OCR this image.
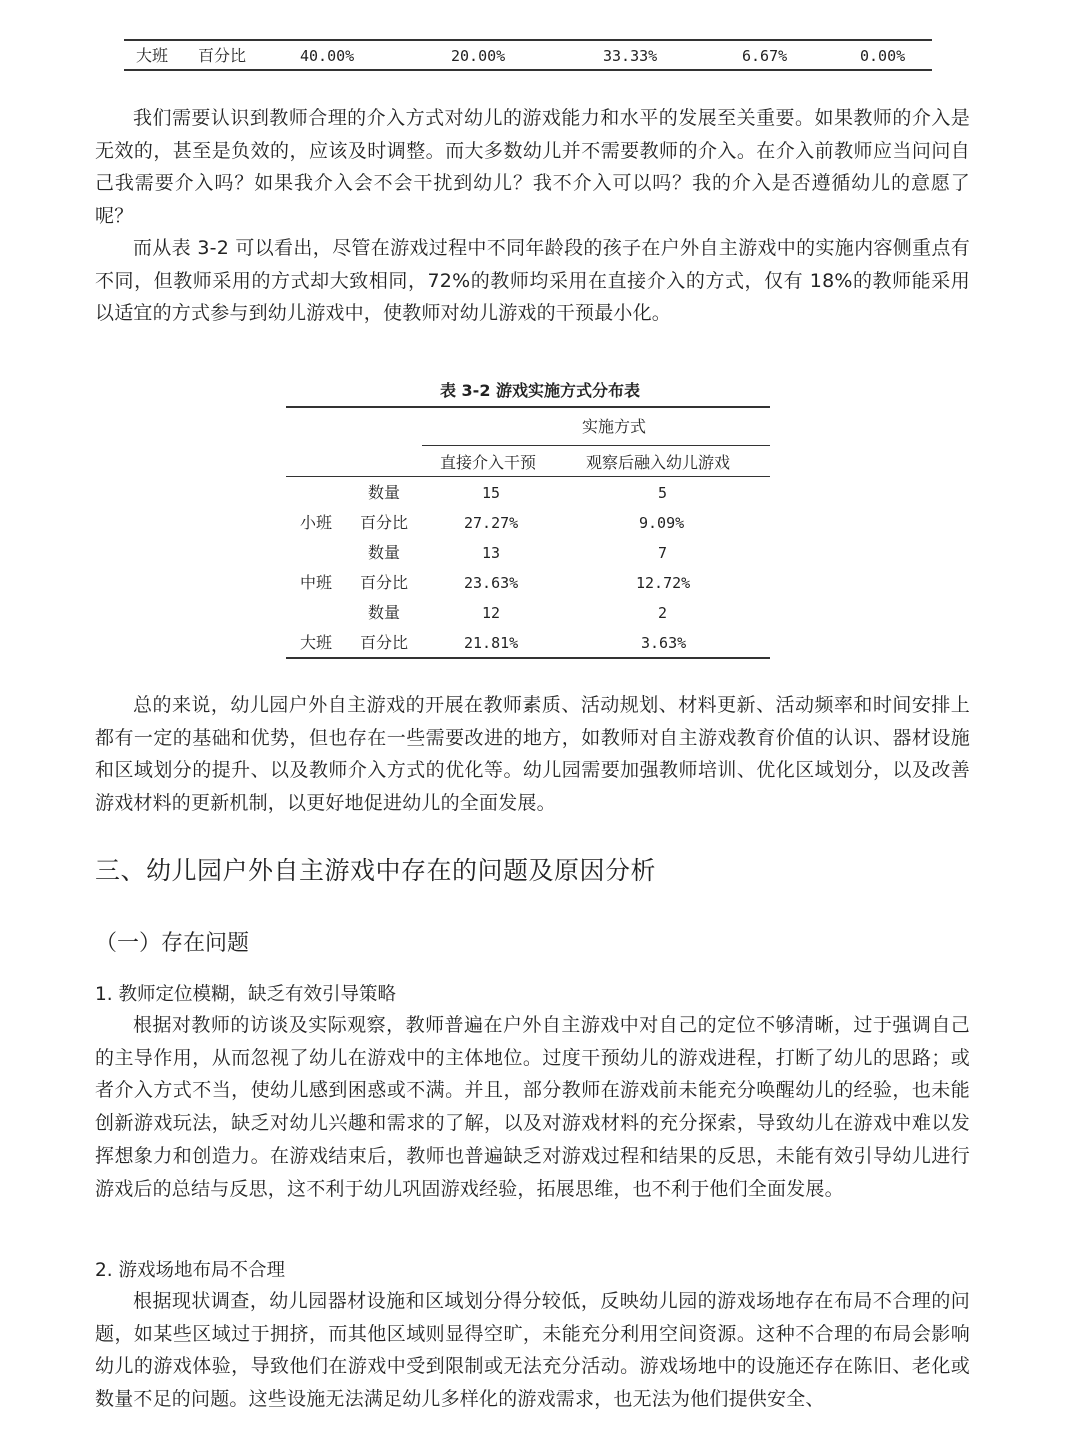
大班 百分比	40.00%	20.00%	33.33%	6.67%	0.00%

我们需要认识到教师合理的介入方式对幼儿的游戏能力和水平的发展至关重要。如果教师的介入是无效的，甚至是负效的，应该及时调整。而大多数幼儿并不需要教师的介入。在介入前教师应当问问自己我需要介入吗？如果我介入会不会干扰到幼儿？我不介入可以吗？我的介入是否遵循幼儿的意愿了呢？

而从表 3-2 可以看出，尽管在游戏过程中不同年龄段的孩子在户外自主游戏中的实施内容侧重点有不同，但教师采用的方式却大致相同，72%的教师均采用在直接介入的方式，仅有 18%的教师能采用以适宜的方式参与到幼儿游戏中，使教师对幼儿游戏的干预最小化。

表 3-2 游戏实施方式分布表
实施方式
直接介入干预	观察后融入幼儿游戏
数量	15	5
小班 百分比	27.27%	9.09%
数量	13	7
中班 百分比	23.63%	12.72%
数量	12	2
大班 百分比	21.81%	3.63%

总的来说，幼儿园户外自主游戏的开展在教师素质、活动规划、材料更新、活动频率和时间安排上都有一定的基础和优势，但也存在一些需要改进的地方，如教师对自主游戏教育价值的认识、器材设施和区域划分的提升、以及教师介入方式的优化等。幼儿园需要加强教师培训、优化区域划分，以及改善游戏材料的更新机制，以更好地促进幼儿的全面发展。

三、幼儿园户外自主游戏中存在的问题及原因分析
（一）存在问题
1. 教师定位模糊，缺乏有效引导策略

根据对教师的访谈及实际观察，教师普遍在户外自主游戏中对自己的定位不够清晰，过于强调自己的主导作用，从而忽视了幼儿在游戏中的主体地位。过度干预幼儿的游戏进程，打断了幼儿的思路；或者介入方式不当，使幼儿感到困惑或不满。并且，部分教师在游戏前未能充分唤醒幼儿的经验，也未能创新游戏玩法，缺乏对幼儿兴趣和需求的了解，以及对游戏材料的充分探索，导致幼儿在游戏中难以发挥想象力和创造力。在游戏结束后，教师也普遍缺乏对游戏过程和结果的反思，未能有效引导幼儿进行游戏后的总结与反思，这不利于幼儿巩固游戏经验，拓展思维，也不利于他们全面发展。

2. 游戏场地布局不合理

根据现状调查，幼儿园器材设施和区域划分得分较低，反映幼儿园的游戏场地存在布局不合理的问题，如某些区域过于拥挤，而其他区域则显得空旷，未能充分利用空间资源。这种不合理的布局会影响幼儿的游戏体验，导致他们在游戏中受到限制或无法充分活动。游戏场地中的设施还存在陈旧、老化或数量不足的问题。这些设施无法满足幼儿多样化的游戏需求，也无法为他们提供安全、
